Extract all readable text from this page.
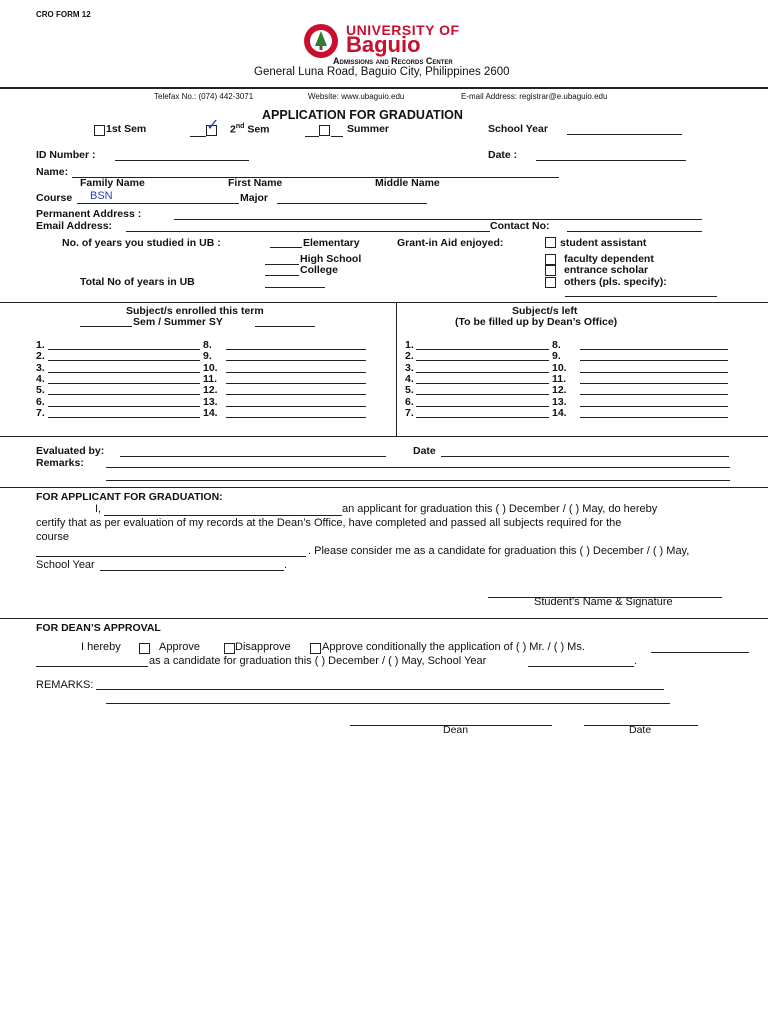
CRO FORM 12
UNIVERSITY OF
Baguio
Admissions and Records Center
General Luna Road, Baguio City, Philippines 2600
Telefax No.: (074) 442-3071	Website: www.ubaguio.edu	E-mail Address: registrar@e.ubaguio.edu
APPLICATION FOR GRADUATION
1st Sem	✓ 2nd Sem	Summer	School Year
ID Number :	Date :
Name:
Family Name	First Name	Middle Name
Course BSN	Major
Permanent Address :
Email Address:	Contact No:
No. of years you studied in UB :	Elementary
High School
College
Total No of years in UB
Grant-in Aid enjoyed:	student assistant
faculty dependent
entrance scholar
others (pls. specify):
Subject/s enrolled this term
Sem / Summer SY
Subject/s left
(To be filled up by Dean’s Office)
1.	8.	1.	8.
2.	9.	2.	9.
3.	10.	3.	10.
4.	11.	4.	11.
5.	12.	5.	12.
6.	13.	6.	13.
7.	14.	7.	14.
Evaluated by:	Date
Remarks:
FOR APPLICANT FOR GRADUATION:
I,	an applicant for graduation this ( ) December / ( ) May, do hereby
certify that as per evaluation of my records at the Dean’s Office, have completed and passed all subjects required for the
course
. Please consider me as a candidate for graduation this ( ) December / ( ) May,
School Year	.
Student’s Name & Signature
FOR DEAN’S APPROVAL
I hereby	Approve	Disapprove	Approve conditionally the application of ( ) Mr. / ( ) Ms.
as a candidate for graduation this ( ) December / ( ) May, School Year	.
REMARKS:
Dean	Date
